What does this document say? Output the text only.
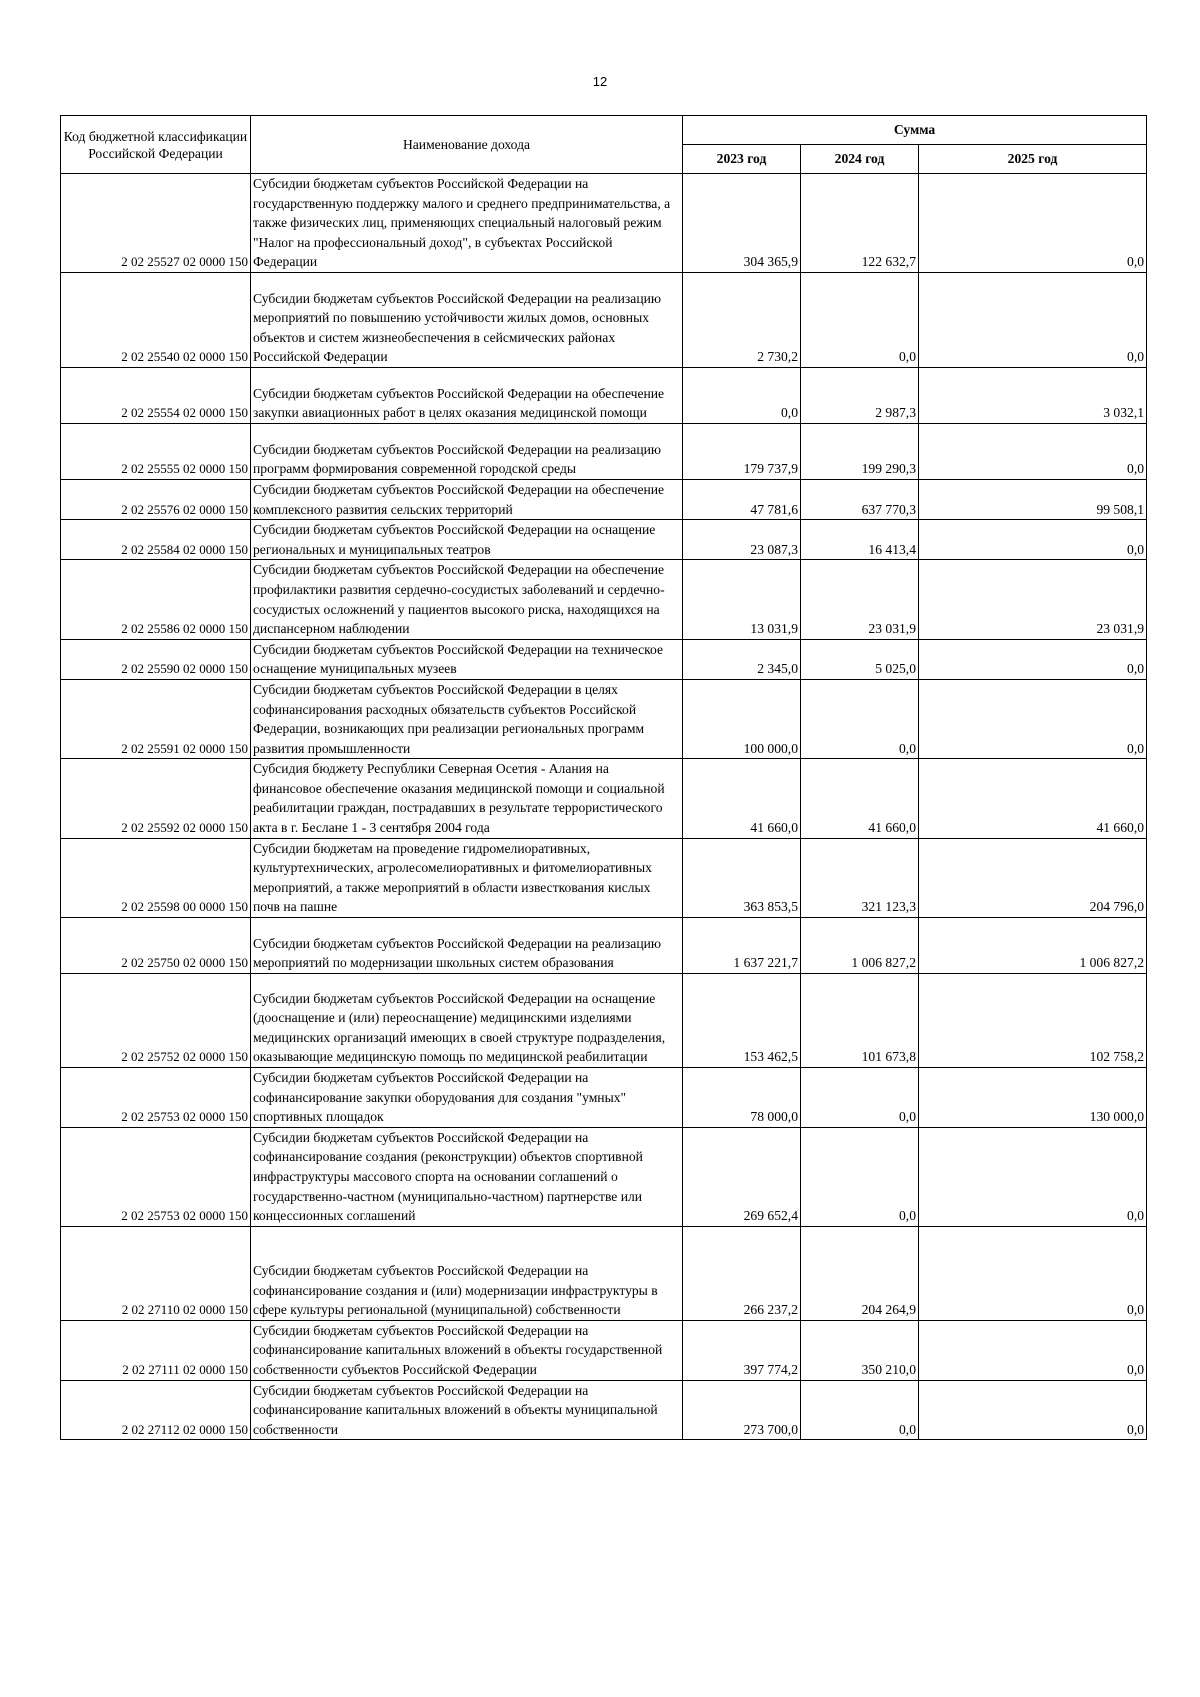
12
Код бюджетной классификации Российской Федерации	Наименование дохода	Сумма		
		2023 год	2024 год	2025 год
2 02 25527 02 0000 150	Субсидии бюджетам субъектов Российской Федерации на государственную поддержку малого и среднего предпринимательства, а также физических лиц, применяющих специальный налоговый режим "Налог на профессиональный доход", в субъектах Российской Федерации	304 365,9	122 632,7	0,0
2 02 25540 02 0000 150	Субсидии бюджетам субъектов Российской Федерации на реализацию мероприятий по повышению устойчивости жилых домов, основных объектов и систем жизнеобеспечения в сейсмических районах Российской Федерации	2 730,2	0,0	0,0
2 02 25554 02 0000 150	Субсидии бюджетам субъектов Российской Федерации на обеспечение закупки авиационных работ в целях оказания медицинской помощи	0,0	2 987,3	3 032,1
2 02 25555 02 0000 150	Субсидии бюджетам субъектов Российской Федерации на реализацию программ формирования современной городской среды	179 737,9	199 290,3	0,0
2 02 25576 02 0000 150	Субсидии бюджетам субъектов Российской Федерации на обеспечение комплексного развития сельских территорий	47 781,6	637 770,3	99 508,1
2 02 25584 02 0000 150	Субсидии бюджетам субъектов Российской Федерации на оснащение региональных и муниципальных театров	23 087,3	16 413,4	0,0
2 02 25586 02 0000 150	Субсидии бюджетам субъектов Российской Федерации на обеспечение профилактики развития сердечно-сосудистых заболеваний и сердечно-сосудистых осложнений у пациентов высокого риска, находящихся на диспансерном наблюдении	13 031,9	23 031,9	23 031,9
2 02 25590 02 0000 150	Субсидии бюджетам субъектов Российской Федерации на техническое оснащение муниципальных музеев	2 345,0	5 025,0	0,0
2 02 25591 02 0000 150	Субсидии бюджетам субъектов Российской Федерации в целях софинансирования расходных обязательств субъектов Российской Федерации, возникающих при реализации региональных программ развития промышленности	100 000,0	0,0	0,0
2 02 25592 02 0000 150	Субсидия бюджету Республики Северная Осетия - Алания на финансовое обеспечение оказания медицинской помощи и социальной реабилитации граждан, пострадавших в результате террористического акта в г. Беслане 1 - 3 сентября 2004 года	41 660,0	41 660,0	41 660,0
2 02 25598 00 0000 150	Субсидии бюджетам на проведение гидромелиоративных, культуртехнических, агролесомелиоративных и фитомелиоративных мероприятий, а также мероприятий в области известкования кислых почв на пашне	363 853,5	321 123,3	204 796,0
2 02 25750 02 0000 150	Субсидии бюджетам субъектов Российской Федерации на реализацию мероприятий по модернизации школьных систем образования	1 637 221,7	1 006 827,2	1 006 827,2
2 02 25752 02 0000 150	Субсидии бюджетам субъектов Российской Федерации на оснащение (дооснащение и (или) переоснащение) медицинскими изделиями медицинских организаций имеющих в своей структуре подразделения, оказывающие медицинскую помощь по медицинской реабилитации	153 462,5	101 673,8	102 758,2
2 02 25753 02 0000 150	Субсидии бюджетам субъектов Российской Федерации на софинансирование закупки оборудования для создания "умных" спортивных площадок	78 000,0	0,0	130 000,0
2 02 25753 02 0000 150	Субсидии бюджетам субъектов Российской Федерации на софинансирование создания (реконструкции) объектов спортивной инфраструктуры массового спорта на основании соглашений о государственно-частном (муниципально-частном) партнерстве или концессионных соглашений	269 652,4	0,0	0,0
2 02 27110 02 0000 150	Субсидии бюджетам субъектов Российской Федерации на софинансирование создания и (или) модернизации инфраструктуры в сфере культуры региональной (муниципальной) собственности	266 237,2	204 264,9	0,0
2 02 27111 02 0000 150	Субсидии бюджетам субъектов Российской Федерации на софинансирование капитальных вложений в объекты государственной собственности субъектов Российской Федерации	397 774,2	350 210,0	0,0
2 02 27112 02 0000 150	Субсидии бюджетам субъектов Российской Федерации на софинансирование капитальных вложений в объекты муниципальной собственности	273 700,0	0,0	0,0
